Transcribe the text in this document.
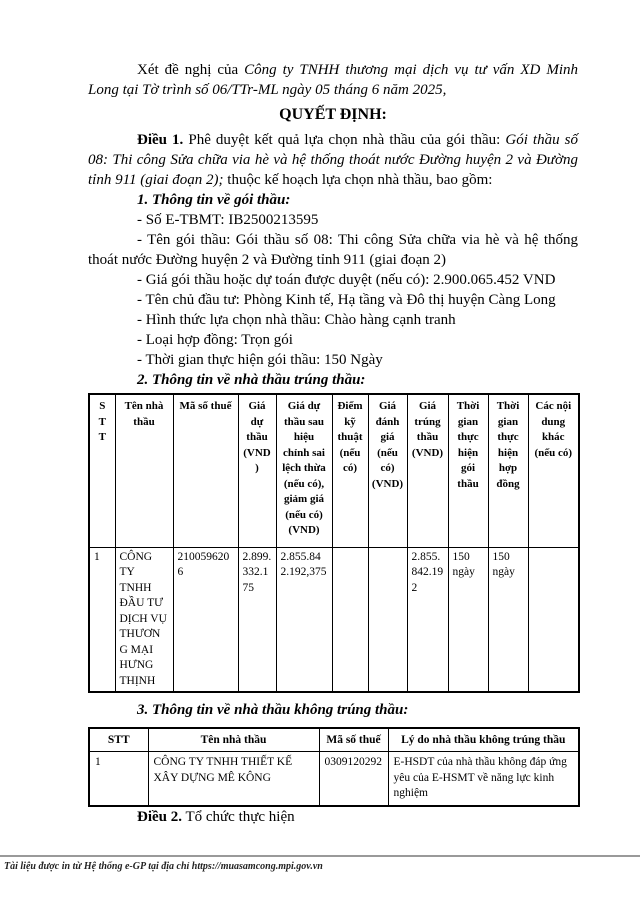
Xét đề nghị của Công ty TNHH thương mại dịch vụ tư vấn XD Minh Long tại Tờ trình số 06/TTr-ML ngày 05 tháng 6 năm 2025,

QUYẾT ĐỊNH:

Điều 1. Phê duyệt kết quả lựa chọn nhà thầu của gói thầu: Gói thầu số 08: Thi công Sửa chữa via hè và hệ thống thoát nước Đường huyện 2 và Đường tỉnh 911 (giai đoạn 2); thuộc kế hoạch lựa chọn nhà thầu, bao gồm:

1. Thông tin về gói thầu:

- Số E-TBMT: IB2500213595

- Tên gói thầu: Gói thầu số 08: Thi công Sửa chữa via hè và hệ thống thoát nước Đường huyện 2 và Đường tỉnh 911 (giai đoạn 2)

- Giá gói thầu hoặc dự toán được duyệt (nếu có): 2.900.065.452 VND

- Tên chủ đầu tư: Phòng Kinh tế, Hạ tầng và Đô thị huyện Càng Long

- Hình thức lựa chọn nhà thầu: Chào hàng cạnh tranh

- Loại hợp đồng: Trọn gói

- Thời gian thực hiện gói thầu: 150 Ngày

2. Thông tin về nhà thầu trúng thầu:

STT	Tên nhà thầu	Mã số thuế	Giá dự thầu (VND)	Giá dự thầu sau hiệu chỉnh sai lệch thừa (nếu có), giảm giá (nếu có) (VND)	Điểm kỹ thuật (nếu có)	Giá đánh giá (nếu có) (VND)	Giá trúng thầu (VND)	Thời gian thực hiện gói thầu	Thời gian thực hiện hợp đồng	Các nội dung khác (nếu có)
1	CÔNG TY TNHH ĐẦU TƯ DỊCH VỤ THƯƠNG MẠI HƯNG THỊNH	2100596206	2.899.332.175	2.855.842.192,375			2.855.842.192	150 ngày	150 ngày	

3. Thông tin về nhà thầu không trúng thầu:

STT	Tên nhà thầu	Mã số thuế	Lý do nhà thầu không trúng thầu
1	CÔNG TY TNHH THIẾT KẾ XÂY DỰNG MÊ KÔNG	0309120292	E-HSDT của nhà thầu không đáp ứng yêu của E-HSMT về năng lực kinh nghiệm

Điều 2. Tổ chức thực hiện

Tài liệu được in từ Hệ thống e-GP tại địa chỉ https://muasamcong.mpi.gov.vn
